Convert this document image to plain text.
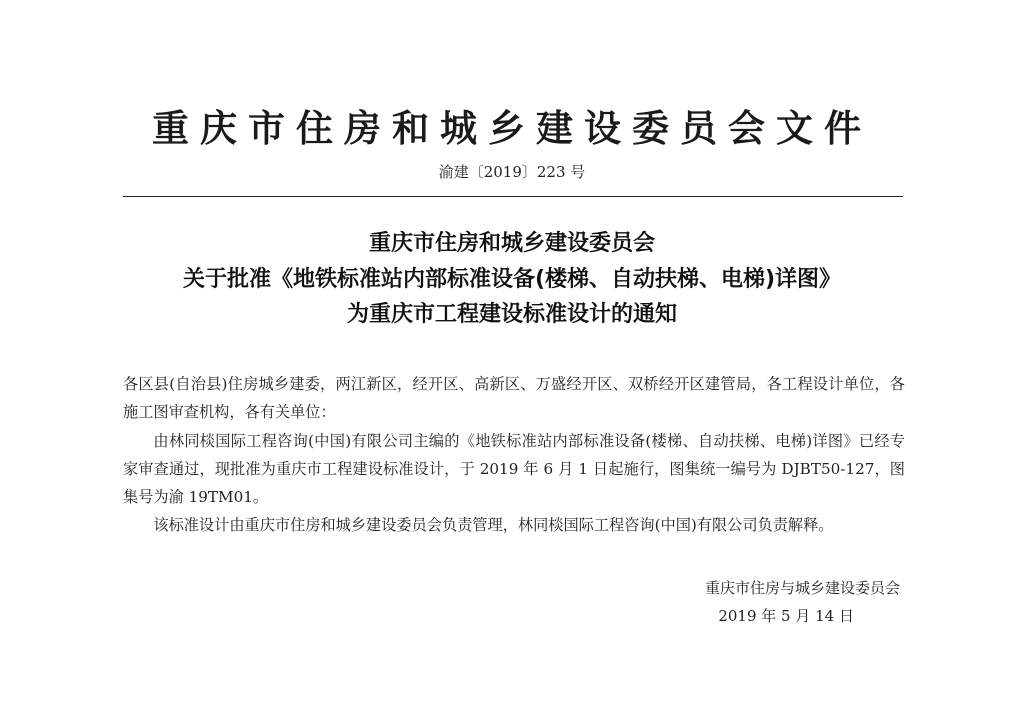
重庆市住房和城乡建设委员会文件
渝建〔2019〕223 号
重庆市住房和城乡建设委员会
关于批准《地铁标准站内部标准设备(楼梯、自动扶梯、电梯)详图》
为重庆市工程建设标准设计的通知

各区县(自治县)住房城乡建委，两江新区，经开区、高新区、万盛经开区、双桥经开区建管局，各工程设计单位，各施工图审查机构，各有关单位：

由林同棪国际工程咨询(中国)有限公司主编的《地铁标准站内部标准设备(楼梯、自动扶梯、电梯)详图》已经专家审查通过，现批准为重庆市工程建设标准设计，于 2019 年 6 月 1 日起施行，图集统一编号为 DJBT50-127，图集号为渝 19TM01。

该标准设计由重庆市住房和城乡建设委员会负责管理，林同棪国际工程咨询(中国)有限公司负责解释。

重庆市住房与城乡建设委员会
2019 年 5 月 14 日
